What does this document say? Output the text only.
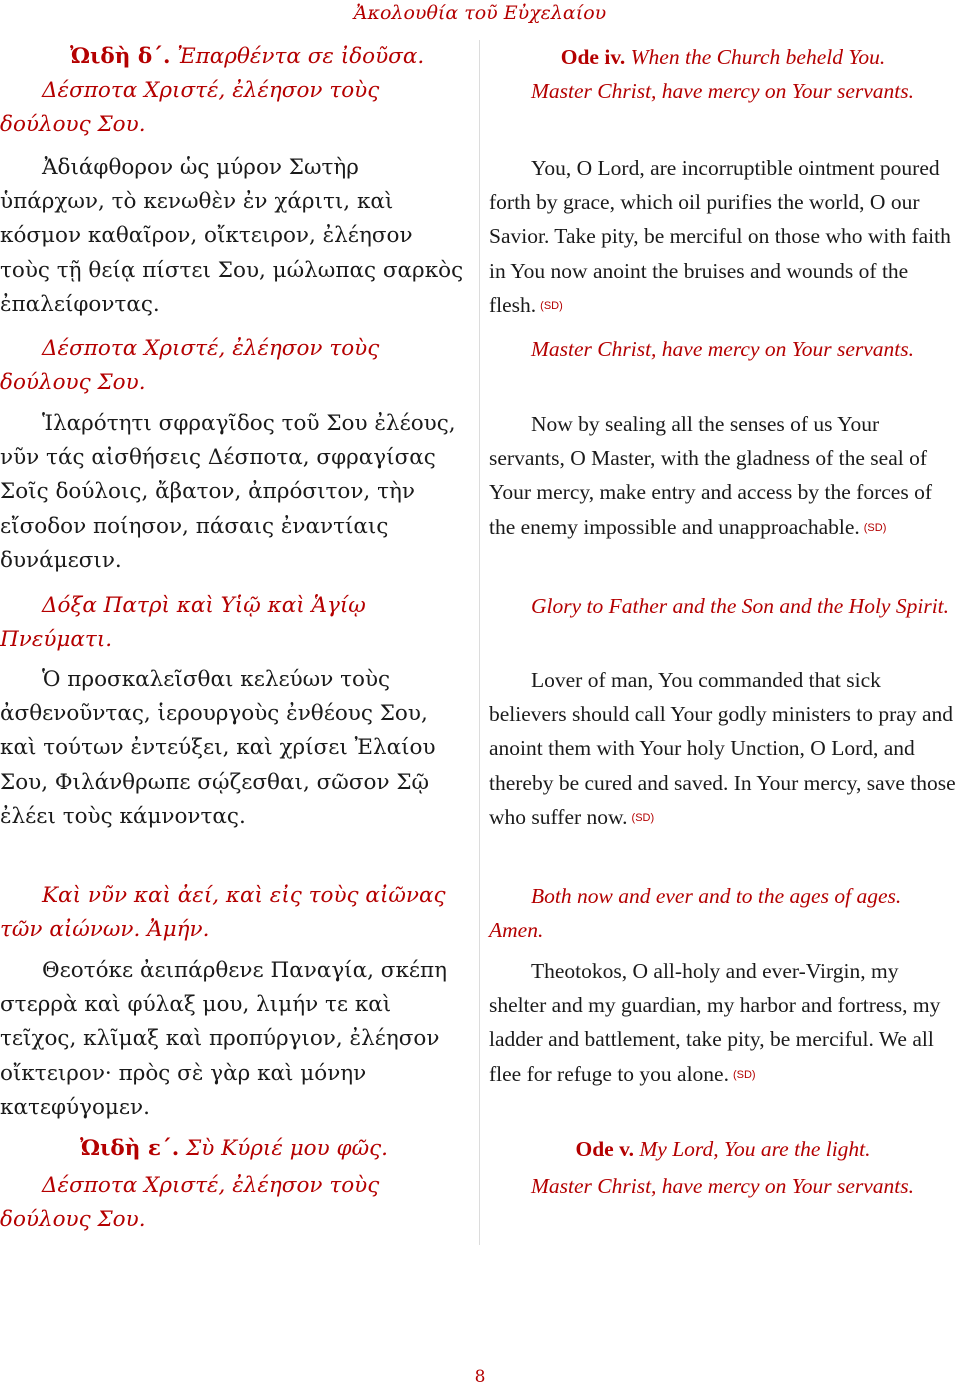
Ἀκολουθία τοῦ Εὐχελαίου
Ὠιδὴ δ΄. Ἐπαρθέντα σε ἰδοῦσα.
Δέσποτα Χριστέ, ἐλέησον τοὺς δούλους Σου.
Ἀδιάφθορον ὡς μύρον Σωτὴρ ὑπάρχων, τὸ κενωθὲν ἐν χάριτι, καὶ κόσμον καθαῖρον, οἴκτειρον, ἐλέησον τοὺς τῇ θείᾳ πίστει Σου, μώλωπας σαρκὸς ἐπαλείφοντας.
Δέσποτα Χριστέ, ἐλέησον τοὺς δούλους Σου.
Ἱλαρότητι σφραγῖδος τοῦ Σου ἐλέους, νῦν τάς αἰσθήσεις Δέσποτα, σφραγίσας Σοῖς δούλοις, ἄβατον, ἀπρόσιτον, τὴν εἴσοδον ποίησον, πάσαις ἐναντίαις δυνάμεσιν.
Δόξα Πατρὶ καὶ Υἱῷ καὶ Ἁγίῳ Πνεύματι.
Ὁ προσκαλεῖσθαι κελεύων τοὺς ἀσθενοῦντας, ἱερουργοὺς ἐνθέους Σου, καὶ τούτων ἐντεύξει, καὶ χρίσει Ἐλαίου Σου, Φιλάνθρωπε σῴζεσθαι, σῶσον Σῷ ἐλέει τοὺς κάμνοντας.
Καὶ νῦν καὶ ἀεί, καὶ εἰς τοὺς αἰῶνας τῶν αἰώνων. Ἀμήν.
Θεοτόκε ἀειπάρθενε Παναγία, σκέπη στερρὰ καὶ φύλαξ μου, λιμήν τε καὶ τεῖχος, κλῖμαξ καὶ προπύργιον, ἐλέησον οἴκτειρον· πρὸς σὲ γὰρ καὶ μόνην κατεφύγομεν.
Ὠιδὴ ε΄. Σὺ Κύριέ μου φῶς.
Δέσποτα Χριστέ, ἐλέησον τοὺς δούλους Σου.
Ode iv. When the Church beheld You.
Master Christ, have mercy on Your servants.
You, O Lord, are incorruptible ointment poured forth by grace, which oil purifies the world, O our Savior. Take pity, be merciful on those who with faith in You now anoint the bruises and wounds of the flesh. (SD)
Master Christ, have mercy on Your servants.
Now by sealing all the senses of us Your servants, O Master, with the gladness of the seal of Your mercy, make entry and access by the forces of the enemy impossible and unapproachable. (SD)
Glory to Father and the Son and the Holy Spirit.
Lover of man, You commanded that sick believers should call Your godly ministers to pray and anoint them with Your holy Unction, O Lord, and thereby be cured and saved. In Your mercy, save those who suffer now. (SD)
Both now and ever and to the ages of ages. Amen.
Theotokos, O all-holy and ever-Virgin, my shelter and my guardian, my harbor and fortress, my ladder and battlement, take pity, be merciful. We all flee for refuge to you alone. (SD)
Ode v. My Lord, You are the light.
Master Christ, have mercy on Your servants.
8
